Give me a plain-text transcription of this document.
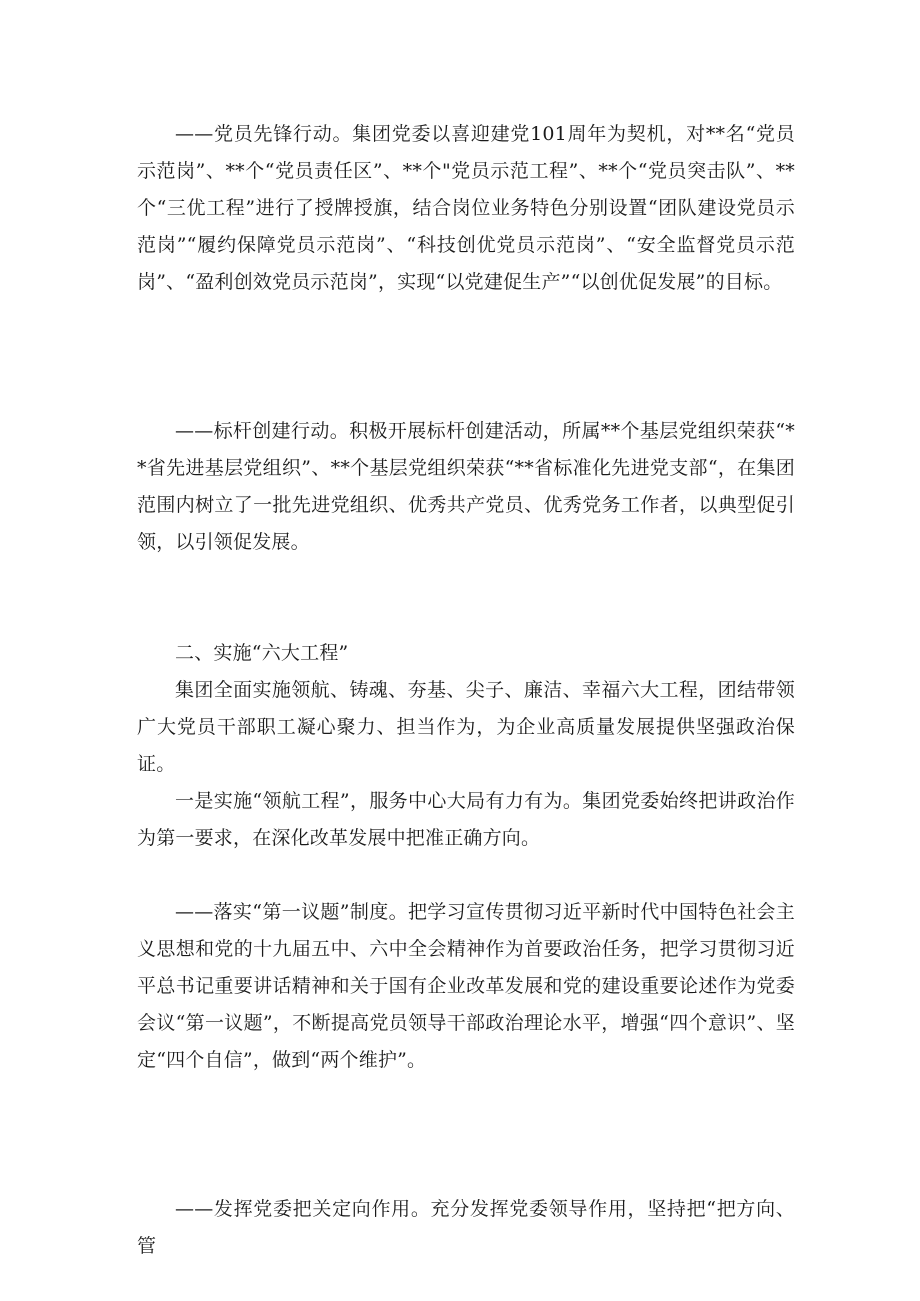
——党员先锋行动。集团党委以喜迎建党101周年为契机，对**名“党员示范岗”、**个“党员责任区”、**个"党员示范工程”、**个“党员突击队”、**个“三优工程”进行了授牌授旗，结合岗位业务特色分别设置“团队建设党员示范岗”“履约保障党员示范岗”、“科技创优党员示范岗”、“安全监督党员示范岗”、“盈利创效党员示范岗”，实现“以党建促生产”“以创优促发展”的目标。

——标杆创建行动。积极开展标杆创建活动，所属**个基层党组织荣获“**省先进基层党组织”、**个基层党组织荣获“**省标准化先进党支部“，在集团范围内树立了一批先进党组织、优秀共产党员、优秀党务工作者，以典型促引领，以引领促发展。

二、实施“六大工程”

集团全面实施领航、铸魂、夯基、尖子、廉洁、幸福六大工程，团结带领广大党员干部职工凝心聚力、担当作为，为企业高质量发展提供坚强政治保证。

一是实施“领航工程”，服务中心大局有力有为。集团党委始终把讲政治作为第一要求，在深化改革发展中把准正确方向。

——落实“第一议题”制度。把学习宣传贯彻习近平新时代中国特色社会主义思想和党的十九届五中、六中全会精神作为首要政治任务，把学习贯彻习近平总书记重要讲话精神和关于国有企业改革发展和党的建设重要论述作为党委会议“第一议题”，不断提高党员领导干部政治理论水平，增强“四个意识”、坚定“四个自信”，做到“两个维护”。

——发挥党委把关定向作用。充分发挥党委领导作用，坚持把“把方向、管
